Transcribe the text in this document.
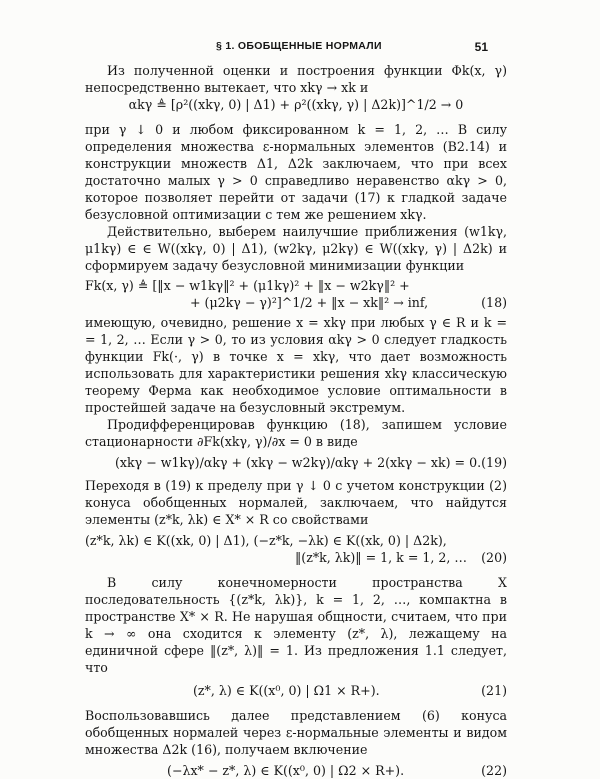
§ 1. ОБОБЩЕННЫЕ НОРМАЛИ	51

Из полученной оценки и построения функции Φk(x, γ) непосредственно вытекает, что xkγ → xk и

αkγ ≜ [ρ²((xkγ, 0) | Δ1) + ρ²((xkγ, γ) | Δ2k)]^1/2 → 0

при γ ↓ 0 и любом фиксированном k = 1, 2, … В силу определения множества ε-нормальных элементов (B2.14) и конструкции множеств Δ1, Δ2k заключаем, что при всех достаточно малых γ > 0 справедливо неравенство αkγ > 0, которое позволяет перейти от задачи (17) к гладкой задаче безусловной оптимизации с тем же решением xkγ.

Действительно, выберем наилучшие приближения (w1kγ, μ1kγ) ∈ ∈ W((xkγ, 0) | Δ1), (w2kγ, μ2kγ) ∈ W((xkγ, γ) | Δ2k) и сформируем задачу безусловной минимизации функции

Fk(x, γ) ≜ [‖x − w1kγ‖² + (μ1kγ)² + ‖x − w2kγ‖² +
+ (μ2kγ − γ)²]^1/2 + ‖x − xk‖² → inf,	(18)

имеющую, очевидно, решение x = xkγ при любых γ ∈ R и k = = 1, 2, … Если γ > 0, то из условия αkγ > 0 следует гладкость функции Fk(·, γ) в точке x = xkγ, что дает возможность использовать для характеристики решения xkγ классическую теорему Ферма как необходимое условие оптимальности в простейшей задаче на безусловный экстремум.

Продифференцировав функцию (18), запишем условие стационарности ∂Fk(xkγ, γ)/∂x = 0 в виде

(xkγ − w1kγ)/αkγ + (xkγ − w2kγ)/αkγ + 2(xkγ − xk) = 0. (19)

Переходя в (19) к пределу при γ ↓ 0 с учетом конструкции (2) конуса обобщенных нормалей, заключаем, что найдутся элементы (z*k, λk) ∈ X* × R со свойствами

(z*k, λk) ∈ K((xk, 0) | Δ1), (−z*k, −λk) ∈ K((xk, 0) | Δ2k),
‖(z*k, λk)‖ = 1, k = 1, 2, … (20)

В силу конечномерности пространства X последовательность {(z*k, λk)}, k = 1, 2, …, компактна в пространстве X* × R. Не нарушая общности, считаем, что при k → ∞ она сходится к элементу (z*, λ), лежащему на единичной сфере ‖(z*, λ)‖ = 1. Из предложения 1.1 следует, что

(z*, λ) ∈ K((x⁰, 0) | Ω1 × R+).	(21)

Воспользовавшись далее представлением (6) конуса обобщенных нормалей через ε-нормальные элементы и видом множества Δ2k (16), получаем включение

(−λx* − z*, λ) ∈ K((x⁰, 0) | Ω2 × R+).	(22)
